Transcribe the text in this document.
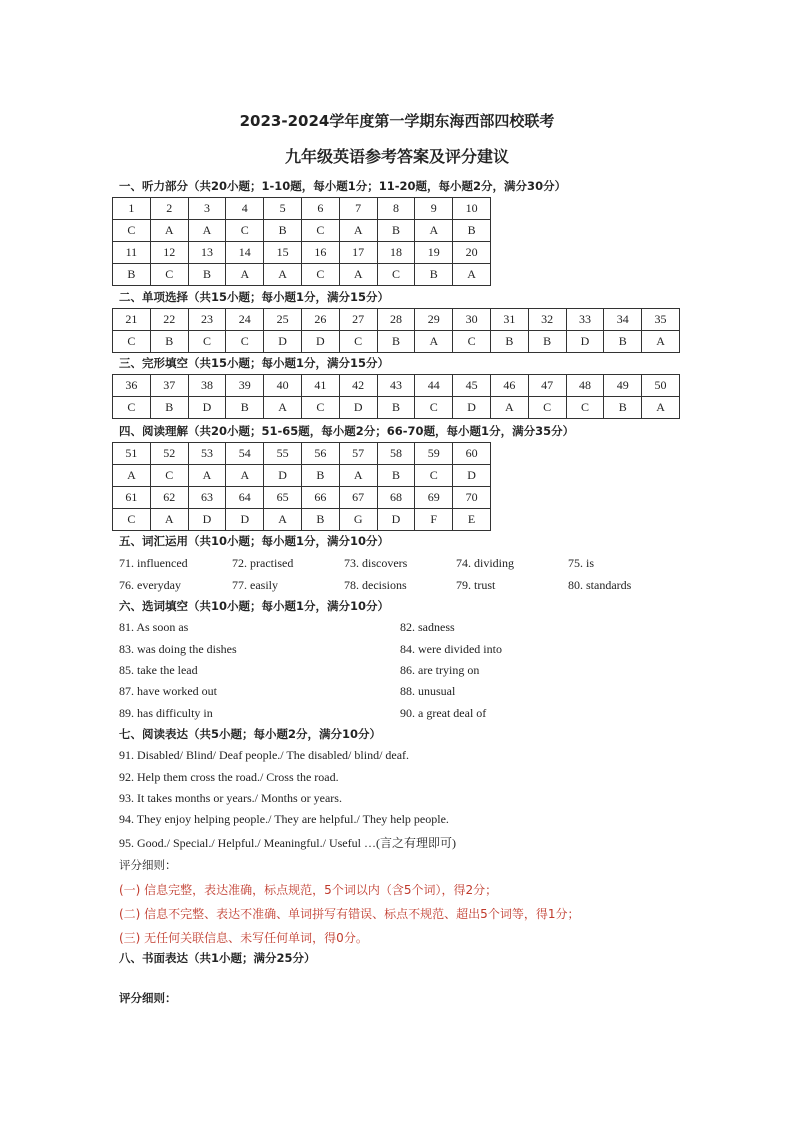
2023-2024学年度第一学期东海西部四校联考
九年级英语参考答案及评分建议
一、听力部分（共20小题；1-10题，每小题1分；11-20题，每小题2分，满分30分）
1	2	3	4	5	6	7	8	9	10
C	A	A	C	B	C	A	B	A	B
11	12	13	14	15	16	17	18	19	20
B	C	B	A	A	C	A	C	B	A
二、单项选择（共15小题；每小题1分，满分15分）
21	22	23	24	25	26	27	28	29	30	31	32	33	34	35
C	B	C	C	D	D	C	B	A	C	B	B	D	B	A
三、完形填空（共15小题；每小题1分，满分15分）
36	37	38	39	40	41	42	43	44	45	46	47	48	49	50
C	B	D	B	A	C	D	B	C	D	A	C	C	B	A
四、阅读理解（共20小题；51-65题，每小题2分；66-70题，每小题1分，满分35分）
51	52	53	54	55	56	57	58	59	60
A	C	A	A	D	B	A	B	C	D
61	62	63	64	65	66	67	68	69	70
C	A	D	D	A	B	G	D	F	E
五、词汇运用（共10小题；每小题1分，满分10分）
71. influenced	72. practised	73. discovers	74. dividing	75. is
76. everyday	77. easily	78. decisions	79. trust	80. standards
六、选词填空（共10小题；每小题1分，满分10分）
81. As soon as	82. sadness
83. was doing the dishes	84. were divided into
85. take the lead	86. are trying on
87. have worked out	88. unusual
89. has difficulty in	90. a great deal of
七、阅读表达（共5小题；每小题2分，满分10分）
91. Disabled/ Blind/ Deaf people./ The disabled/ blind/ deaf.
92. Help them cross the road./ Cross the road.
93. It takes months or years./ Months or years.
94. They enjoy helping people./ They are helpful./ They help people.
95. Good./ Special./ Helpful./ Meaningful./ Useful …(言之有理即可)
评分细则：
(一) 信息完整，表达准确，标点规范，5个词以内（含5个词），得2分；
(二) 信息不完整、表达不准确、单词拼写有错误、标点不规范、超出5个词等，得1分；
(三) 无任何关联信息、未写任何单词，得0分。
八、书面表达（共1小题；满分25分）
评分细则：
